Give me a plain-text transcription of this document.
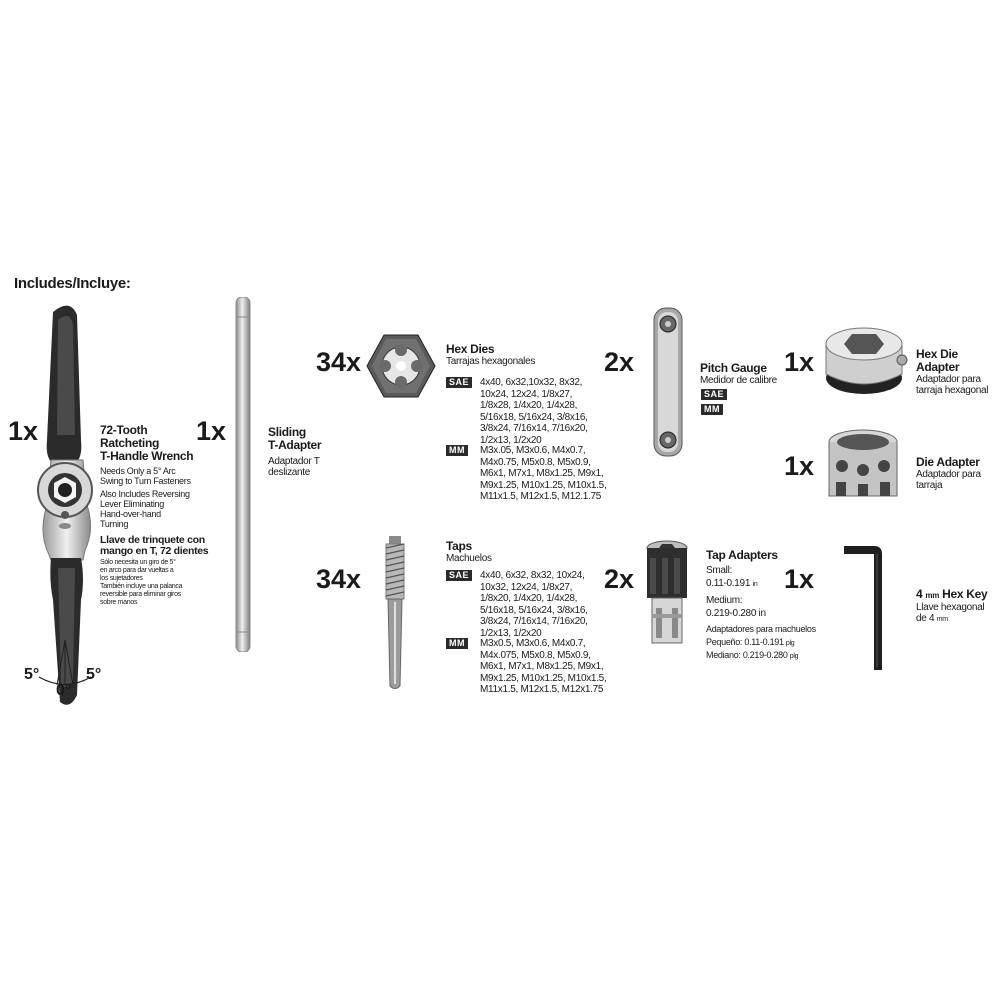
Includes/Incluye:
1x
5°
0°
5°
72-Tooth
Ratcheting
T-Handle Wrench
Needs Only a 5° Arc
Swing to Turn Fasteners
Also Includes Reversing
Lever Eliminating
Hand-over-hand
Turning
Llave de trinquete con
mango en T, 72 dientes
Sólo necesita un giro de 5°
en arco para dar vueltas a
los sujetadores
También incluye una palanca
reversible para eliminar giros
sobre manos
1x	Sliding
T-Adapter
Adaptador T
deslizante
34x	Hex Dies
Tarrajas hexagonales
SAE	4x40, 6x32,10x32, 8x32,
10x24, 12x24, 1/8x27,
1/8x28, 1/4x20, 1/4x28,
5/16x18, 5/16x24, 3/8x16,
3/8x24, 7/16x14, 7/16x20,
1/2x13, 1/2x20
MM	M3x.05, M3x0.6, M4x0.7,
M4x0.75, M5x0.8, M5x0.9,
M6x1, M7x1, M8x1.25, M9x1,
M9x1.25, M10x1.25, M10x1.5,
M11x1.5, M12x1.5, M12.1.75
34x
Taps
Machuelos
SAE	4x40, 6x32, 8x32, 10x24,
10x32, 12x24, 1/8x27,
1/8x20, 1/4x20, 1/4x28,
5/16x18, 5/16x24, 3/8x16,
3/8x24, 7/16x14, 7/16x20,
1/2x13, 1/2x20
MM	M3x0.5, M3x0.6, M4x0.7,
M4x.075, M5x0.8, M5x0.9,
M6x1, M7x1, M8x1.25, M9x1,
M9x1.25, M10x1.25, M10x1.5,
M11x1.5, M12x1.5, M12x1.75
2x	Pitch Gauge
Medidor de calibre
SAE
MM
2x
Tap Adapters
Small:
0.11-0.191 in
Medium:
0.219-0.280 in
Adaptadores para machuelos
Pequeño: 0.11-0.191 plg
Mediano: 0.219-0.280 plg
1x	Hex Die Adapter
Adaptador para
tarraja hexagonal
1x	Die Adapter
Adaptador para
tarraja
1x	4 mm Hex Key
Llave hexagonal
de 4 mm
